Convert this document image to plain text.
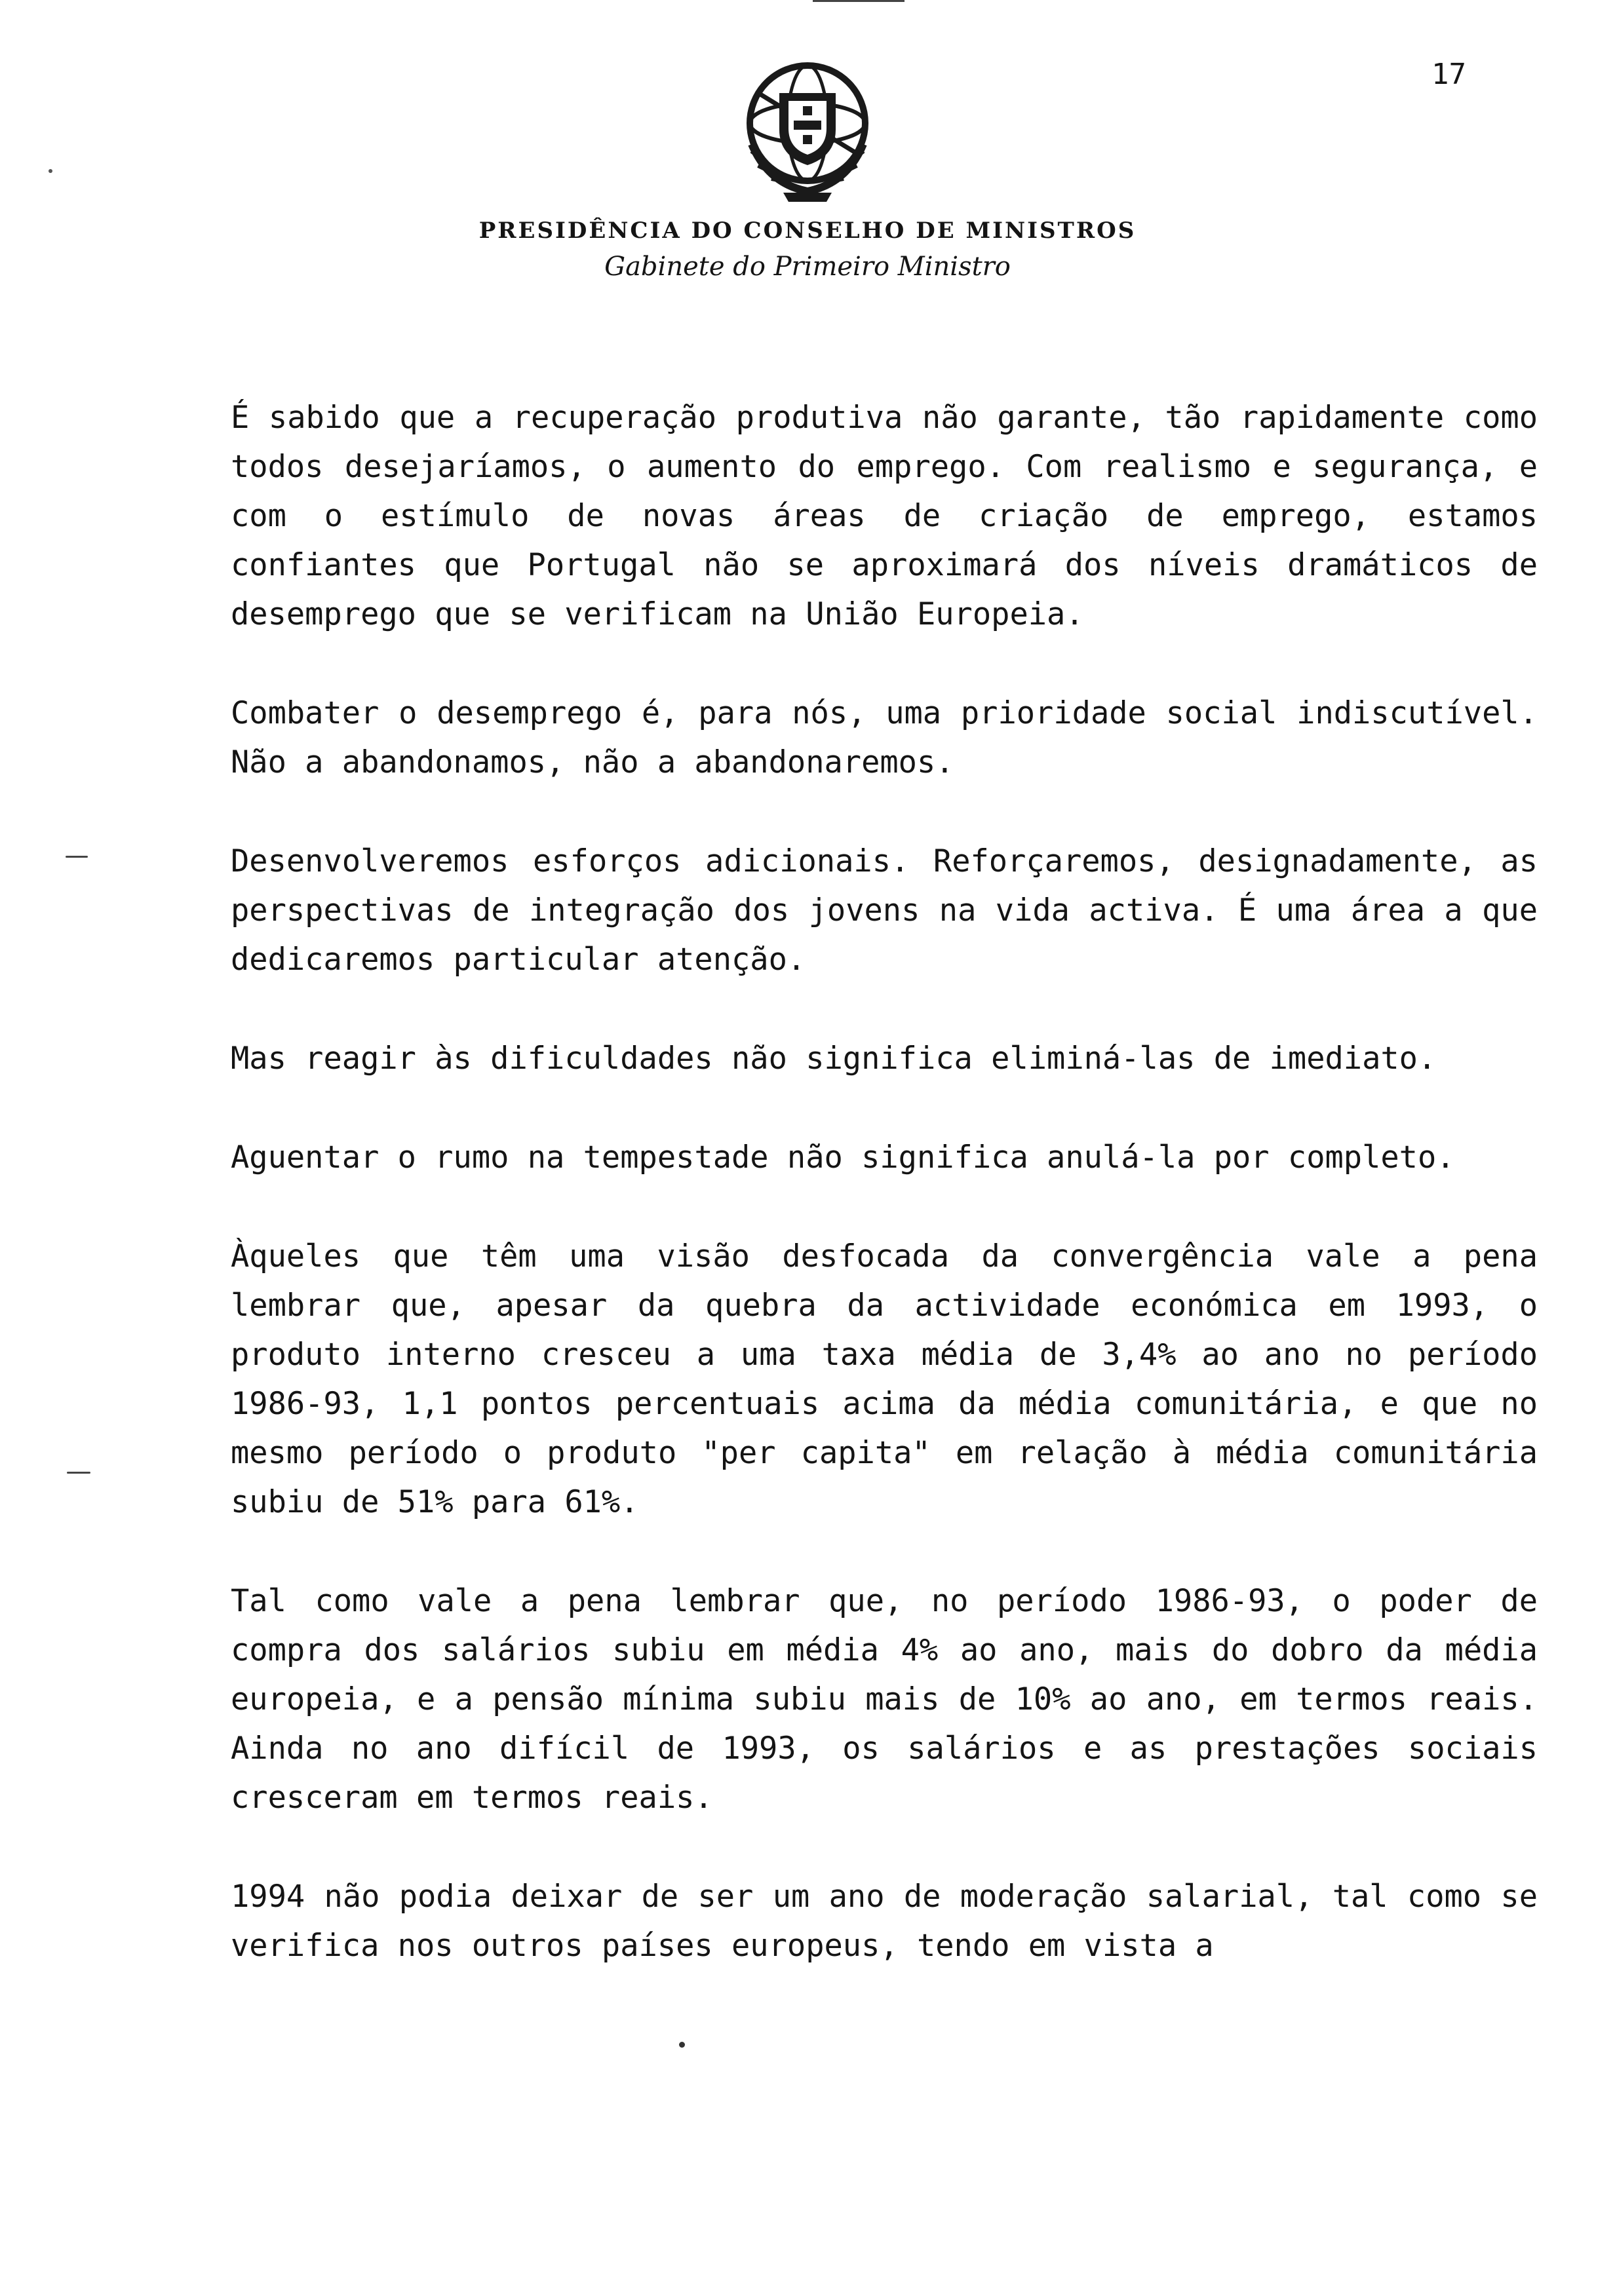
17
PRESIDÊNCIA DO CONSELHO DE MINISTROS
Gabinete do Primeiro Ministro

É sabido que a recuperação produtiva não garante, tão rapidamente como todos desejaríamos, o aumento do emprego. Com realismo e segurança, e com o estímulo de novas áreas de criação de emprego, estamos confiantes que Portugal não se aproximará dos níveis dramáticos de desemprego que se verificam na União Europeia.

Combater o desemprego é, para nós, uma prioridade social indiscutível. Não a abandonamos, não a abandonaremos.

Desenvolveremos esforços adicionais. Reforçaremos, designadamente, as perspectivas de integração dos jovens na vida activa. É uma área a que dedicaremos particular atenção.

Mas reagir às dificuldades não significa eliminá-las de imediato.

Aguentar o rumo na tempestade não significa anulá-la por completo.

Àqueles que têm uma visão desfocada da convergência vale a pena lembrar que, apesar da quebra da actividade económica em 1993, o produto interno cresceu a uma taxa média de 3,4% ao ano no período 1986-93, 1,1 pontos percentuais acima da média comunitária, e que no mesmo período o produto "per capita" em relação à média comunitária subiu de 51% para 61%.

Tal como vale a pena lembrar que, no período 1986-93, o poder de compra dos salários subiu em média 4% ao ano, mais do dobro da média europeia, e a pensão mínima subiu mais de 10% ao ano, em termos reais. Ainda no ano difícil de 1993, os salários e as prestações sociais cresceram em termos reais.

1994 não podia deixar de ser um ano de moderação salarial, tal como se verifica nos outros países europeus, tendo em vista a
